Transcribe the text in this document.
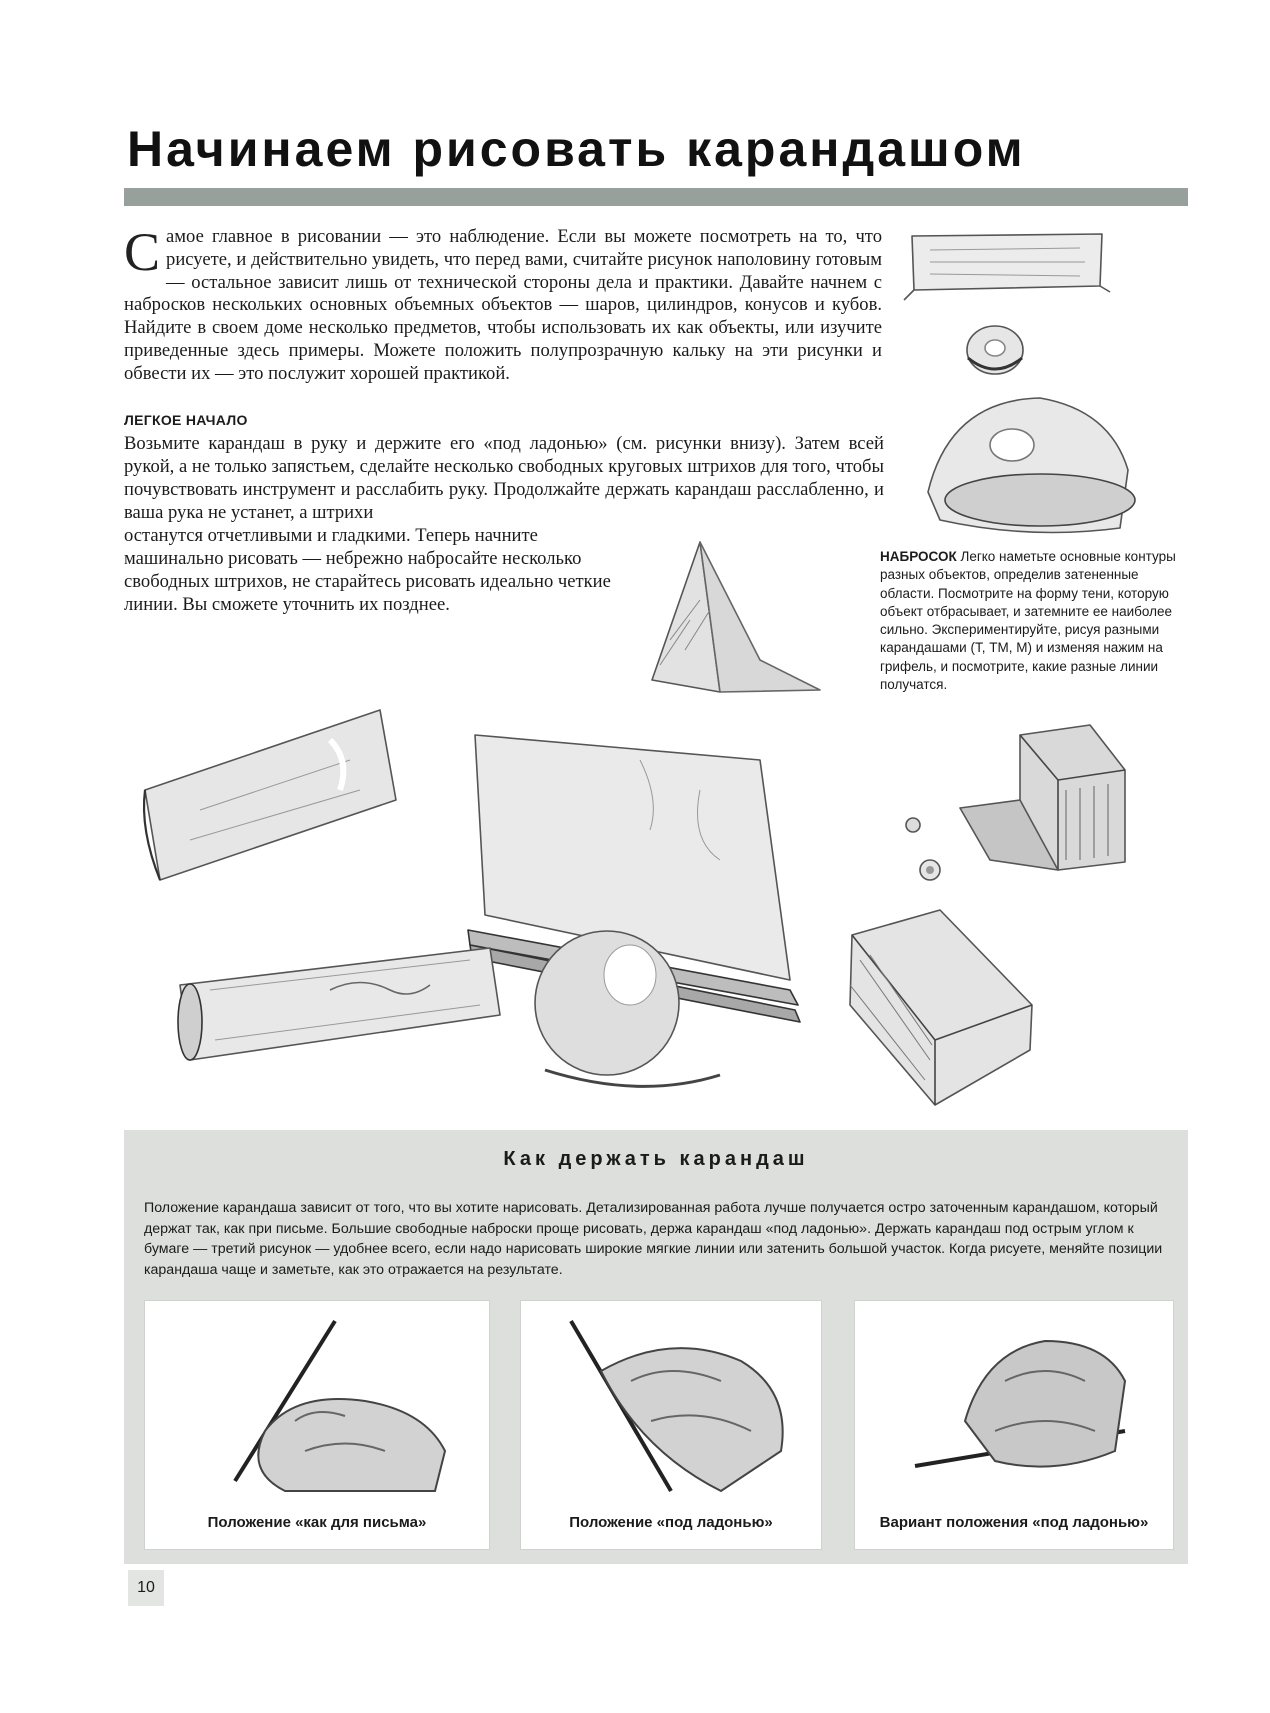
Начинаем рисовать карандашом
Самое главное в рисовании — это наблюдение. Если вы можете посмотреть на то, что рисуете, и действительно увидеть, что перед вами, считайте рисунок наполовину готовым — остальное зависит лишь от технической стороны дела и практики. Давайте начнем с набросков нескольких основных объемных объектов — шаров, цилиндров, конусов и кубов. Найдите в своем доме несколько предметов, чтобы использовать их как объекты, или изучите приведенные здесь примеры. Можете положить полупрозрачную кальку на эти рисунки и обвести их — это послужит хорошей практикой.
ЛЕГКОЕ НАЧАЛО
Возьмите карандаш в руку и держите его «под ладонью» (см. рисунки внизу). Затем всей рукой, а не только запястьем, сделайте несколько свободных круговых штрихов для того, чтобы почувствовать инструмент и расслабить руку. Продолжайте держать карандаш расслабленно, и ваша рука не устанет, а штрихи
останутся отчетливыми и гладкими. Теперь начните машинально рисовать — небрежно набросайте несколько свободных штрихов, не старайтесь рисовать идеально четкие линии. Вы сможете уточнить их позднее.
НАБРОСОК Легко наметьте основные контуры разных объектов, определив затененные области. Посмотрите на форму тени, которую объект отбрасывает, и затемните ее наиболее сильно. Экспериментируйте, рисуя разными карандашами (Т, ТМ, М) и изменяя нажим на грифель, и посмотрите, какие разные линии получатся.
Как держать карандаш
Положение карандаша зависит от того, что вы хотите нарисовать. Детализированная работа лучше получается остро заточенным карандашом, который держат так, как при письме. Большие свободные наброски проще рисовать, держа карандаш «под ладонью». Держать карандаш под острым углом к бумаге — третий рисунок — удобнее всего, если надо нарисовать широкие мягкие линии или затенить большой участок. Когда рисуете, меняйте позиции карандаша чаще и заметьте, как это отражается на результате.
Положение «как для письма»	Положение «под ладонью»	Вариант положения «под ладонью»
10
